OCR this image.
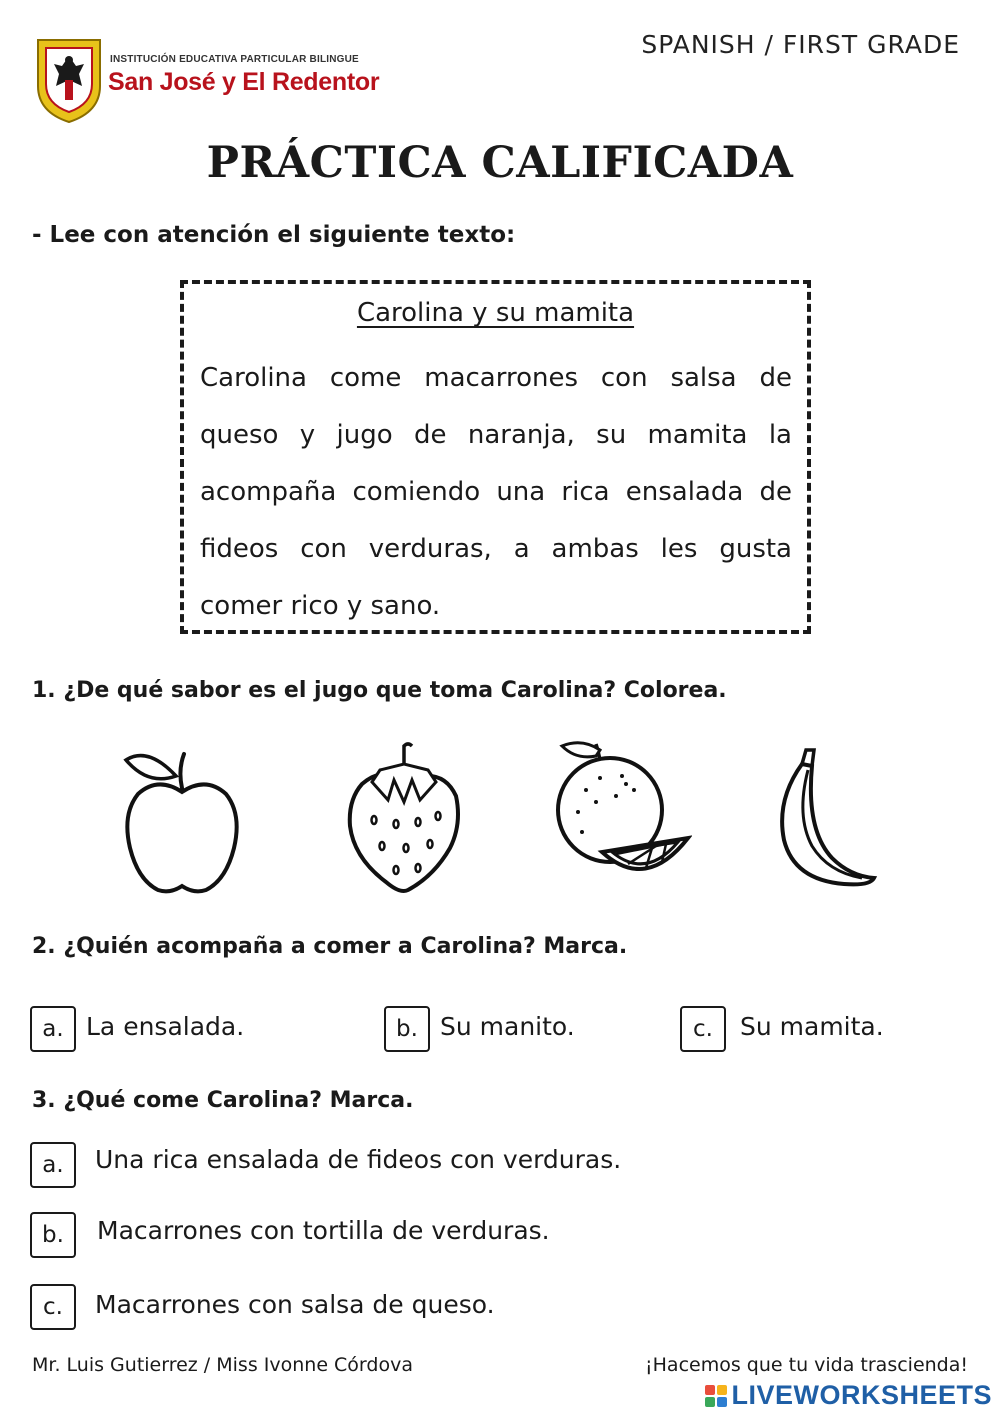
INSTITUCIÓN EDUCATIVA PARTICULAR BILINGUE
San José y El Redentor
SPANISH / FIRST GRADE
PRÁCTICA CALIFICADA
- Lee con atención el siguiente texto:
Carolina y su mamita
Carolina come macarrones con salsa de queso y jugo de naranja, su mamita la acompaña comiendo una rica ensalada de fideos con verduras, a ambas les gusta comer rico y sano.
1. ¿De qué sabor es el jugo que toma Carolina? Colorea.
2. ¿Quién acompaña a comer a Carolina? Marca.
a. La ensalada.	b. Su manito.	c.	Su mamita.
3. ¿Qué come Carolina? Marca.
a.	Una rica ensalada de fideos con verduras.
b.	Macarrones con tortilla de verduras.
c.	Macarrones con salsa de queso.
Mr. Luis Gutierrez / Miss Ivonne Córdova	¡Hacemos que tu vida trascienda!
LIVEWORKSHEETS
